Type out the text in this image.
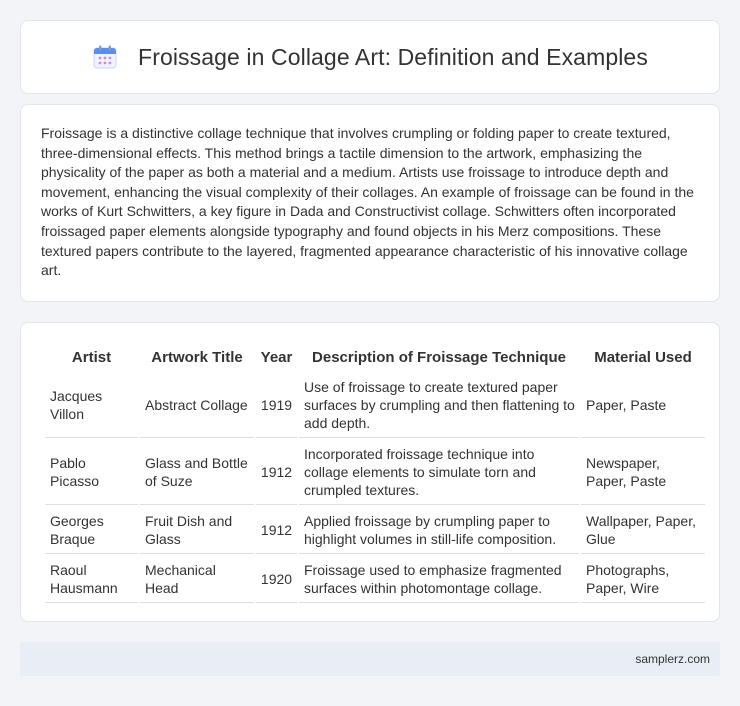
Froissage in Collage Art: Definition and Examples

Froissage is a distinctive collage technique that involves crumpling or folding paper to create textured, three-dimensional effects. This method brings a tactile dimension to the artwork, emphasizing the physicality of the paper as both a material and a medium. Artists use froissage to introduce depth and movement, enhancing the visual complexity of their collages. An example of froissage can be found in the works of Kurt Schwitters, a key figure in Dada and Constructivist collage. Schwitters often incorporated froissaged paper elements alongside typography and found objects in his Merz compositions. These textured papers contribute to the layered, fragmented appearance characteristic of his innovative collage art.

Artist	Artwork Title	Year	Description of Froissage Technique	Material Used
Jacques Villon	Abstract Collage	1919	Use of froissage to create textured paper surfaces by crumpling and then flattening to add depth.	Paper, Paste
Pablo Picasso	Glass and Bottle of Suze	1912	Incorporated froissage technique into collage elements to simulate torn and crumpled textures.	Newspaper, Paper, Paste
Georges Braque	Fruit Dish and Glass	1912	Applied froissage by crumpling paper to highlight volumes in still-life composition.	Wallpaper, Paper, Glue
Raoul Hausmann	Mechanical Head	1920	Froissage used to emphasize fragmented surfaces within photomontage collage.	Photographs, Paper, Wire
samplerz.com
